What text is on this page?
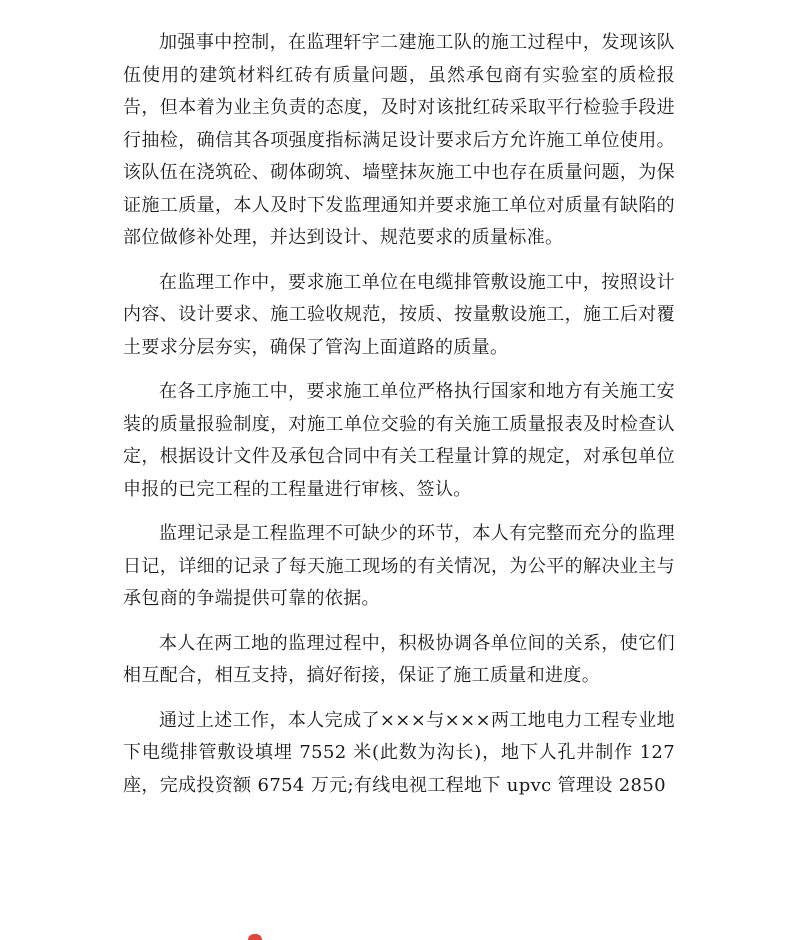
加强事中控制，在监理轩宇二建施工队的施工过程中，发现该队伍使用的建筑材料红砖有质量问题，虽然承包商有实验室的质检报告，但本着为业主负责的态度，及时对该批红砖采取平行检验手段进行抽检，确信其各项强度指标满足设计要求后方允许施工单位使用。该队伍在浇筑砼、砌体砌筑、墙壁抹灰施工中也存在质量问题，为保证施工质量，本人及时下发监理通知并要求施工单位对质量有缺陷的部位做修补处理，并达到设计、规范要求的质量标准。

在监理工作中，要求施工单位在电缆排管敷设施工中，按照设计内容、设计要求、施工验收规范，按质、按量敷设施工，施工后对覆土要求分层夯实，确保了管沟上面道路的质量。

在各工序施工中，要求施工单位严格执行国家和地方有关施工安装的质量报验制度，对施工单位交验的有关施工质量报表及时检查认定，根据设计文件及承包合同中有关工程量计算的规定，对承包单位申报的已完工程的工程量进行审核、签认。

监理记录是工程监理不可缺少的环节，本人有完整而充分的监理日记，详细的记录了每天施工现场的有关情况，为公平的解决业主与承包商的争端提供可靠的依据。

本人在两工地的监理过程中，积极协调各单位间的关系，使它们相互配合，相互支持，搞好衔接，保证了施工质量和进度。

通过上述工作，本人完成了×××与×××两工地电力工程专业地下电缆排管敷设填埋 7552 米(此数为沟长)，地下人孔井制作 127 座，完成投资额 6754 万元;有线电视工程地下 upvc 管理设 2850
